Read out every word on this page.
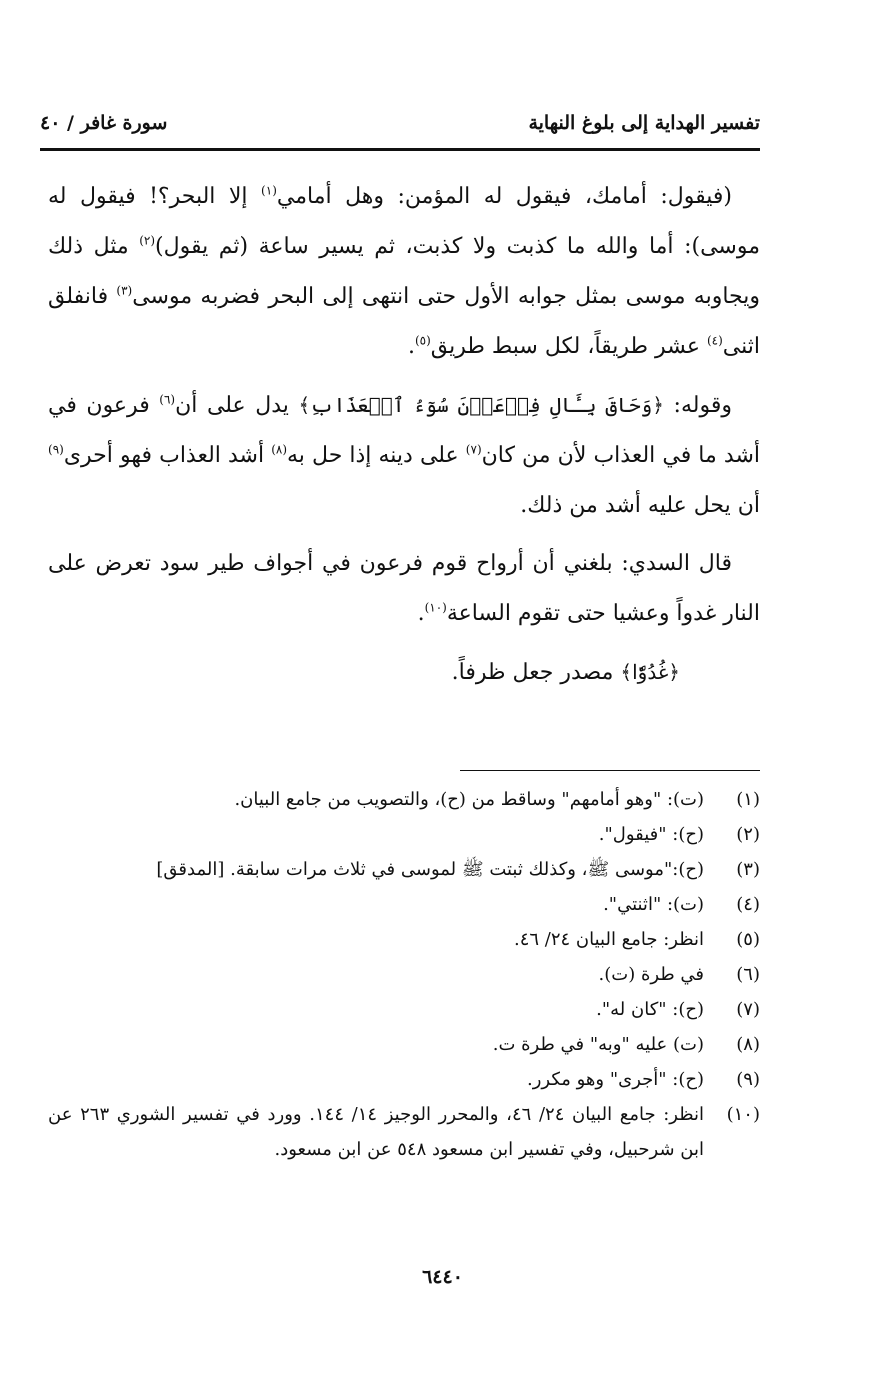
تفسير الهداية إلى بلوغ النهاية
سورة غافر / ٤٠

(فيقول: أمامك، فيقول له المؤمن: وهل أمامي$^{(١)}$ إلا البحر؟! فيقول له موسى): أما والله ما كذبت ولا كذبت، ثم يسير ساعة (ثم يقول)$^{(٢)}$ مثل ذلك ويجاوبه موسى بمثل جوابه الأول حتى انتهى إلى البحر فضربه موسى$^{(٣)}$ فانفلق اثنى$^{(٤)}$ عشر طريقاً، لكل سبط طريق$^{(٥)}$.

وقوله: ﴿وَحَاقَ بِـَٔالِ فِرۡعَوۡنَ سُوٓءُ ٱلۡعَذَابِ﴾ يدل على أن$^{(٦)}$ فرعون في أشد ما في العذاب لأن من كان$^{(٧)}$ على دينه إذا حل به$^{(٨)}$ أشد العذاب فهو أحرى$^{(٩)}$ أن يحل عليه أشد من ذلك.

قال السدي: بلغني أن أرواح قوم فرعون في أجواف طير سود تعرض على النار غدواً وعشيا حتى تقوم الساعة$^{(١٠)}$.

﴿غُدُوّٗا﴾ مصدر جعل ظرفاً.

(١)
(ت): "وهو أمامهم" وساقط من (ح)، والتصويب من جامع البيان.
(٢)
(ح): "فيقول".
(٣)
(ح):"موسى ﷺ، وكذلك ثبتت ﷺ لموسى في ثلاث مرات سابقة. [المدقق]
(٤)
(ت): "اثنتي".
(٥)
انظر: جامع البيان ٢٤/ ٤٦.
(٦)
في طرة (ت).
(٧)
(ح): "كان له".
(٨)
(ت) عليه "وبه" في طرة ت.
(٩)
(ح): "أجرى" وهو مكرر.
(١٠)
انظر: جامع البيان ٢٤/ ٤٦، والمحرر الوجيز ١٤/ ١٤٤. وورد في تفسير الشوري ٢٦٣ عن ابن شرحبيل، وفي تفسير ابن مسعود ٥٤٨ عن ابن مسعود.
٦٤٤٠
